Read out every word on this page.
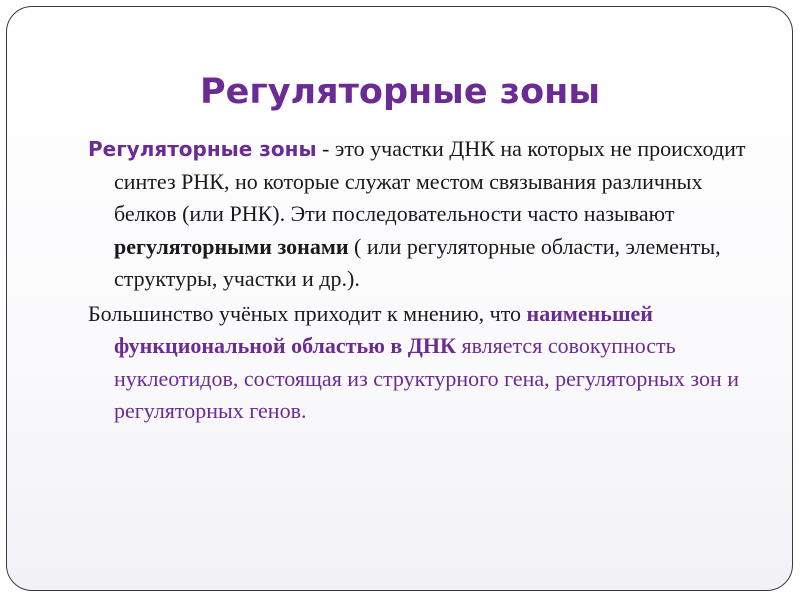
Регуляторные зоны

Регуляторные зоны - это участки ДНК на которых не происходит синтез РНК, но которые служат местом связывания различных белков (или РНК). Эти последовательности часто называют регуляторными зонами ( или регуляторные области, элементы, структуры, участки и др.).

Большинство учёных приходит к мнению, что наименьшей функциональной областью в ДНК является совокупность нуклеотидов, состоящая из структурного гена, регуляторных зон и регуляторных генов.
